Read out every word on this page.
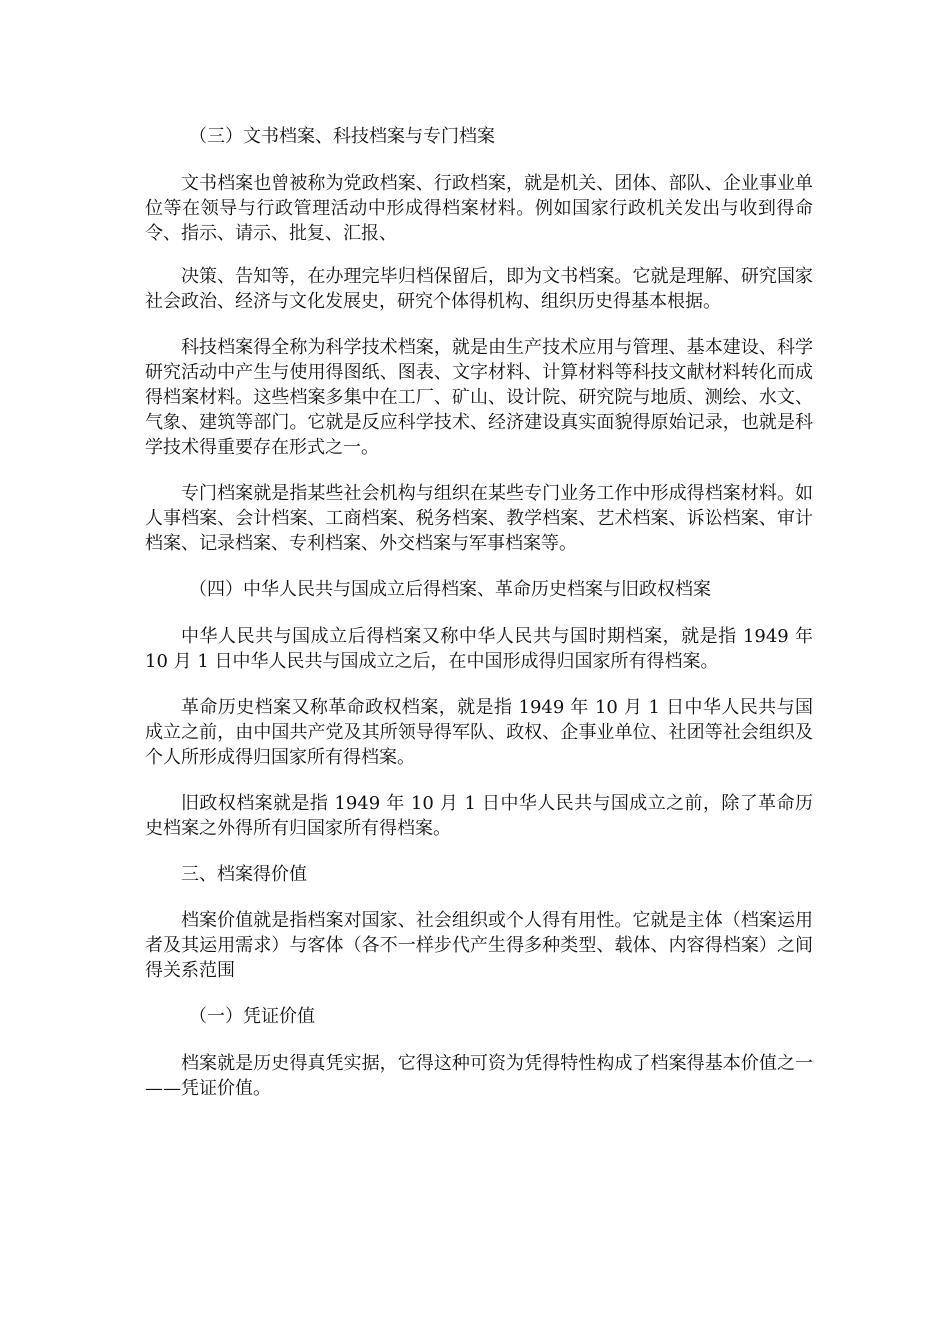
（三）文书档案、科技档案与专门档案

文书档案也曾被称为党政档案、行政档案，就是机关、团体、部队、企业事业单位等在领导与行政管理活动中形成得档案材料。例如国家行政机关发出与收到得命令、指示、请示、批复、汇报、

决策、告知等，在办理完毕归档保留后，即为文书档案。它就是理解、研究国家社会政治、经济与文化发展史，研究个体得机构、组织历史得基本根据。

科技档案得全称为科学技术档案，就是由生产技术应用与管理、基本建设、科学研究活动中产生与使用得图纸、图表、文字材料、计算材料等科技文献材料转化而成得档案材料。这些档案多集中在工厂、矿山、设计院、研究院与地质、测绘、水文、气象、建筑等部门。它就是反应科学技术、经济建设真实面貌得原始记录，也就是科学技术得重要存在形式之一。

专门档案就是指某些社会机构与组织在某些专门业务工作中形成得档案材料。如人事档案、会计档案、工商档案、税务档案、教学档案、艺术档案、诉讼档案、审计档案、记录档案、专利档案、外交档案与军事档案等。

（四）中华人民共与国成立后得档案、革命历史档案与旧政权档案

中华人民共与国成立后得档案又称中华人民共与国时期档案，就是指 1949 年 10 月 1 日中华人民共与国成立之后，在中国形成得归国家所有得档案。

革命历史档案又称革命政权档案，就是指 1949 年 10 月 1 日中华人民共与国成立之前，由中国共产党及其所领导得军队、政权、企事业单位、社团等社会组织及个人所形成得归国家所有得档案。

旧政权档案就是指 1949 年 10 月 1 日中华人民共与国成立之前，除了革命历史档案之外得所有归国家所有得档案。

三、档案得价值

档案价值就是指档案对国家、社会组织或个人得有用性。它就是主体（档案运用者及其运用需求）与客体（各不一样步代产生得多种类型、载体、内容得档案）之间得关系范围

（一）凭证价值

档案就是历史得真凭实据，它得这种可资为凭得特性构成了档案得基本价值之一——凭证价值。
